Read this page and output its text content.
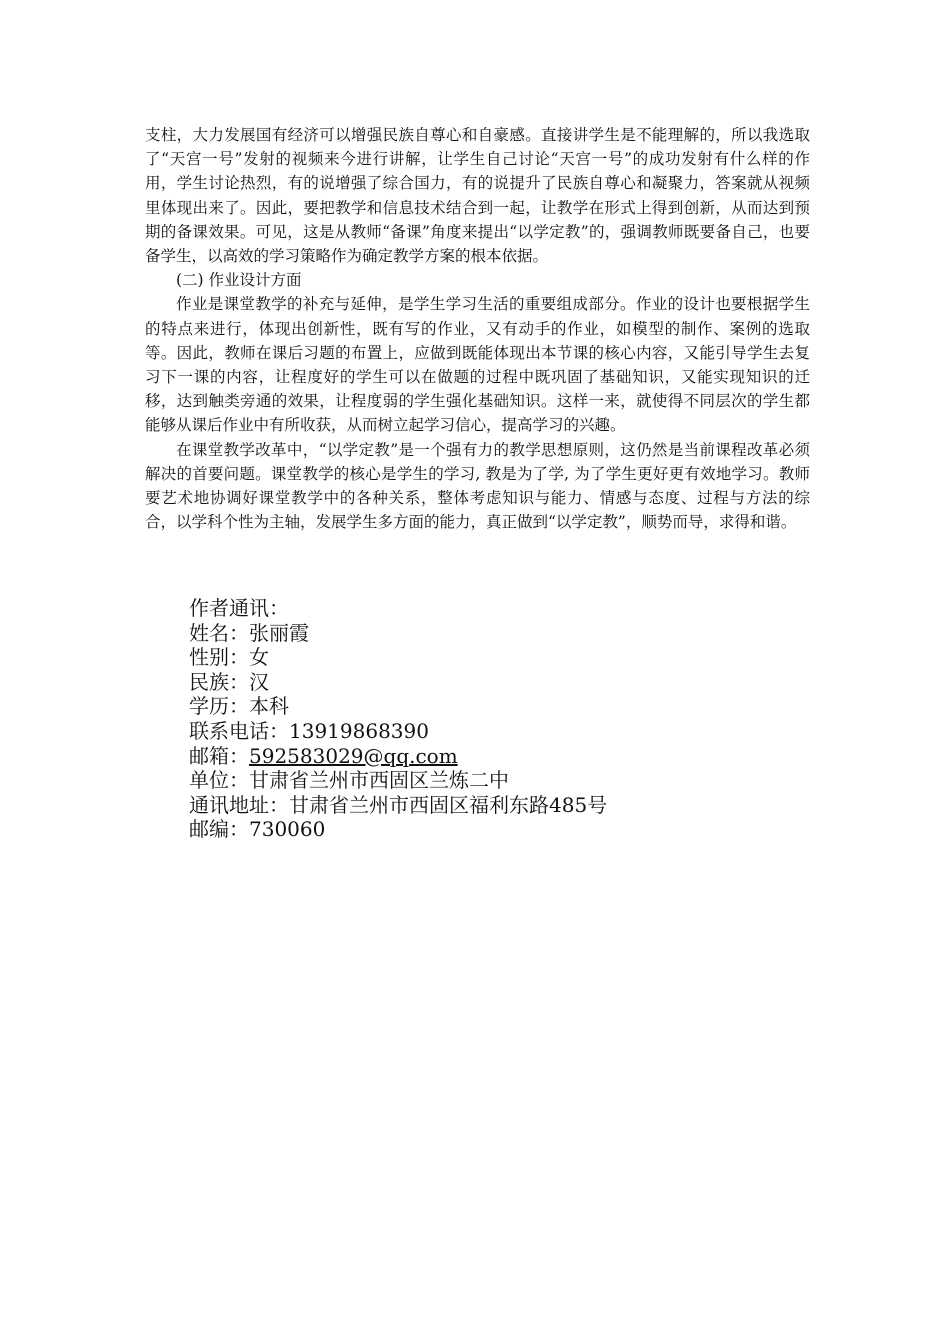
支柱，大力发展国有经济可以增强民族自尊心和自豪感。直接讲学生是不能理解的，所以我选取了“天宫一号”发射的视频来今进行讲解，让学生自己讨论“天宫一号”的成功发射有什么样的作用，学生讨论热烈，有的说增强了综合国力，有的说提升了民族自尊心和凝聚力，答案就从视频里体现出来了。因此，要把教学和信息技术结合到一起，让教学在形式上得到创新，从而达到预期的备课效果。可见，这是从教师“备课”角度来提出“以学定教”的，强调教师既要备自己，也要备学生，以高效的学习策略作为确定教学方案的根本依据。

(二) 作业设计方面

作业是课堂教学的补充与延伸，是学生学习生活的重要组成部分。作业的设计也要根据学生的特点来进行，体现出创新性，既有写的作业，又有动手的作业，如模型的制作、案例的选取等。因此，教师在课后习题的布置上，应做到既能体现出本节课的核心内容，又能引导学生去复习下一课的内容，让程度好的学生可以在做题的过程中既巩固了基础知识，又能实现知识的迁移，达到触类旁通的效果，让程度弱的学生强化基础知识。这样一来，就使得不同层次的学生都能够从课后作业中有所收获，从而树立起学习信心，提高学习的兴趣。

在课堂教学改革中，“以学定教”是一个强有力的教学思想原则，这仍然是当前课程改革必须解决的首要问题。课堂教学的核心是学生的学习, 教是为了学, 为了学生更好更有效地学习。教师要艺术地协调好课堂教学中的各种关系，整体考虑知识与能力、情感与态度、过程与方法的综合，以学科个性为主轴，发展学生多方面的能力，真正做到“以学定教”，顺势而导，求得和谐。

作者通讯：
姓名：张丽霞
性别：女
民族：汉
学历：本科
联系电话：13919868390
邮箱：592583029@qq.com
单位：甘肃省兰州市西固区兰炼二中
通讯地址：甘肃省兰州市西固区福利东路485号
邮编：730060
